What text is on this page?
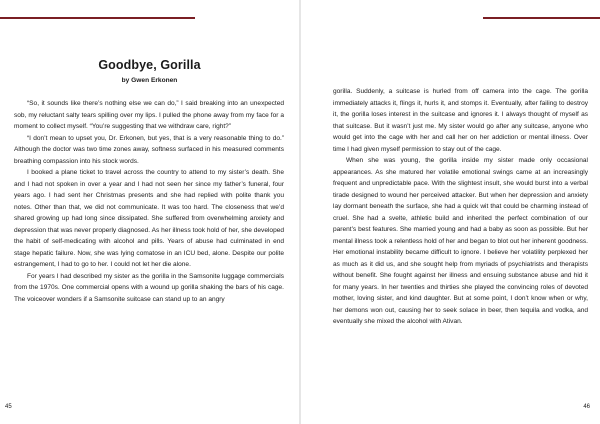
Goodbye, Gorilla
by Gwen Erkonen

“So, it sounds like there’s nothing else we can do,” I said breaking into an unexpected sob, my reluctant salty tears spilling over my lips. I pulled the phone away from my face for a moment to collect myself. “You’re suggesting that we withdraw care, right?”

“I don’t mean to upset you, Dr. Erkonen, but yes, that is a very reasonable thing to do.” Although the doctor was two time zones away, softness surfaced in his measured comments breathing compassion into his stock words.

I booked a plane ticket to travel across the country to attend to my sister’s death. She and I had not spoken in over a year and I had not seen her since my father’s funeral, four years ago. I had sent her Christmas presents and she had replied with polite thank you notes. Other than that, we did not communicate. It was too hard. The closeness that we’d shared growing up had long since dissipated. She suffered from overwhelming anxiety and depression that was never properly diagnosed. As her illness took hold of her, she developed the habit of self-medicating with alcohol and pills. Years of abuse had culminated in end stage hepatic failure. Now, she was lying comatose in an ICU bed, alone. Despite our polite estrangement, I had to go to her. I could not let her die alone.

For years I had described my sister as the gorilla in the Samsonite luggage commercials from the 1970s. One commercial opens with a wound up gorilla shaking the bars of his cage. The voiceover wonders if a Samsonite suitcase can stand up to an angry

45

gorilla. Suddenly, a suitcase is hurled from off camera into the cage. The gorilla immediately attacks it, flings it, hurls it, and stomps it. Eventually, after failing to destroy it, the gorilla loses interest in the suitcase and ignores it. I always thought of myself as that suitcase. But it wasn’t just me. My sister would go after any suitcase, anyone who would get into the cage with her and call her on her addiction or mental illness. Over time I had given myself permission to stay out of the cage.

When she was young, the gorilla inside my sister made only occasional appearances. As she matured her volatile emotional swings came at an increasingly frequent and unpredictable pace. With the slightest insult, she would burst into a verbal tirade designed to wound her perceived attacker. But when her depression and anxiety lay dormant beneath the surface, she had a quick wit that could be charming instead of cruel. She had a svelte, athletic build and inherited the perfect combination of our parent’s best features. She married young and had a baby as soon as possible. But her mental illness took a relentless hold of her and began to blot out her inherent goodness. Her emotional instability became difficult to ignore. I believe her volatility perplexed her as much as it did us, and she sought help from myriads of psychiatrists and therapists without benefit. She fought against her illness and ensuing substance abuse and hid it for many years. In her twenties and thirties she played the convincing roles of devoted mother, loving sister, and kind daughter. But at some point, I don’t know when or why, her demons won out, causing her to seek solace in beer, then tequila and vodka, and eventually she mixed the alcohol with Ativan.

46
